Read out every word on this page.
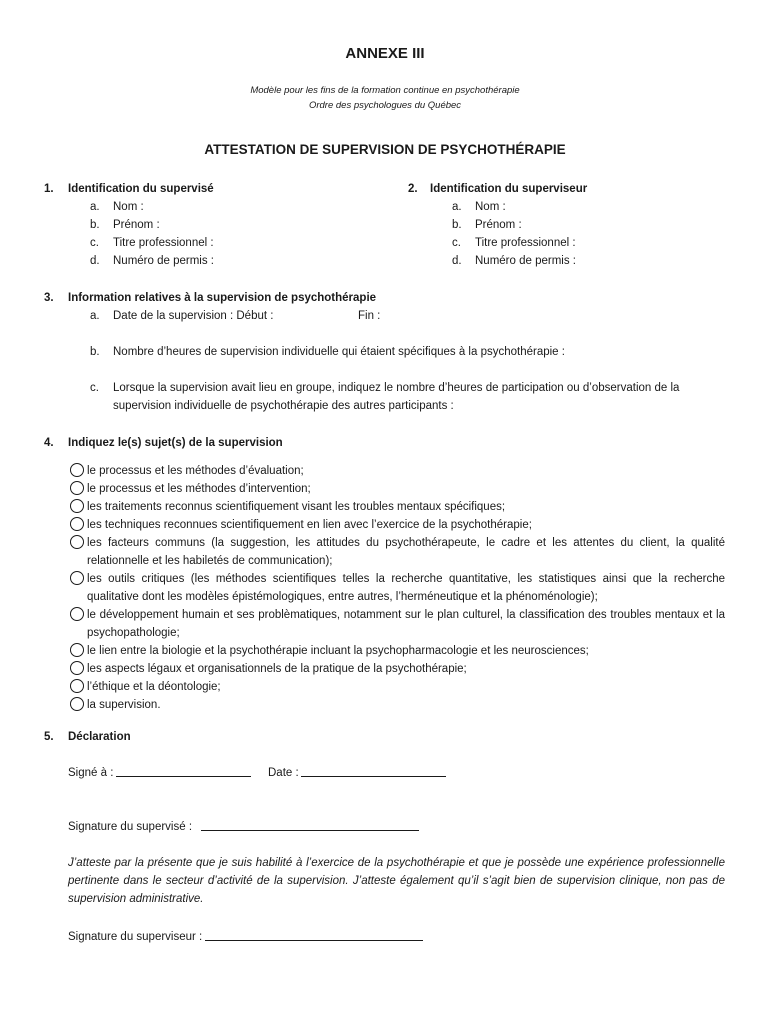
ANNEXE III
Modèle pour les fins de la formation continue en psychothérapie
Ordre des psychologues du Québec
ATTESTATION DE SUPERVISION DE PSYCHOTHÉRAPIE
1. Identification du supervisé
a. Nom :
b. Prénom :
c. Titre professionnel :
d. Numéro de permis :
2. Identification du superviseur
a. Nom :
b. Prénom :
c. Titre professionnel :
d. Numéro de permis :
3. Information relatives à la supervision de psychothérapie
a. Date de la supervision : Début :	Fin :
b. Nombre d’heures de supervision individuelle qui étaient spécifiques à la psychothérapie :
c. Lorsque la supervision avait lieu en groupe, indiquez le nombre d’heures de participation ou d’observation de la
supervision individuelle de psychothérapie des autres participants :
4. Indiquez le(s) sujet(s) de la supervision
le processus et les méthodes d’évaluation;
le processus et les méthodes d’intervention;
les traitements reconnus scientifiquement visant les troubles mentaux spécifiques;
les techniques reconnues scientifiquement en lien avec l’exercice de la psychothérapie;
les facteurs communs (la suggestion, les attitudes du psychothérapeute, le cadre et les attentes du client, la qualité relationnelle et les habiletés de communication);
les outils critiques (les méthodes scientifiques telles la recherche quantitative, les statistiques ainsi que la recherche qualitative dont les modèles épistémologiques, entre autres, l’herméneutique et la phénoménologie);
le développement humain et ses problèmatiques, notamment sur le plan culturel, la classification des troubles mentaux et la psychopathologie;
le lien entre la biologie et la psychothérapie incluant la psychopharmacologie et les neurosciences;
les aspects légaux et organisationnels de la pratique de la psychothérapie;
l’éthique et la déontologie;
la supervision.
5. Déclaration
Signé à :	Date :
Signature du supervisé :
J’atteste par la présente que je suis habilité à l’exercice de la psychothérapie et que je possède une expérience professionnelle pertinente dans le secteur d’activité de la supervision. J’atteste également qu’il s’agit bien de supervision clinique, non pas de supervision administrative.
Signature du superviseur :
